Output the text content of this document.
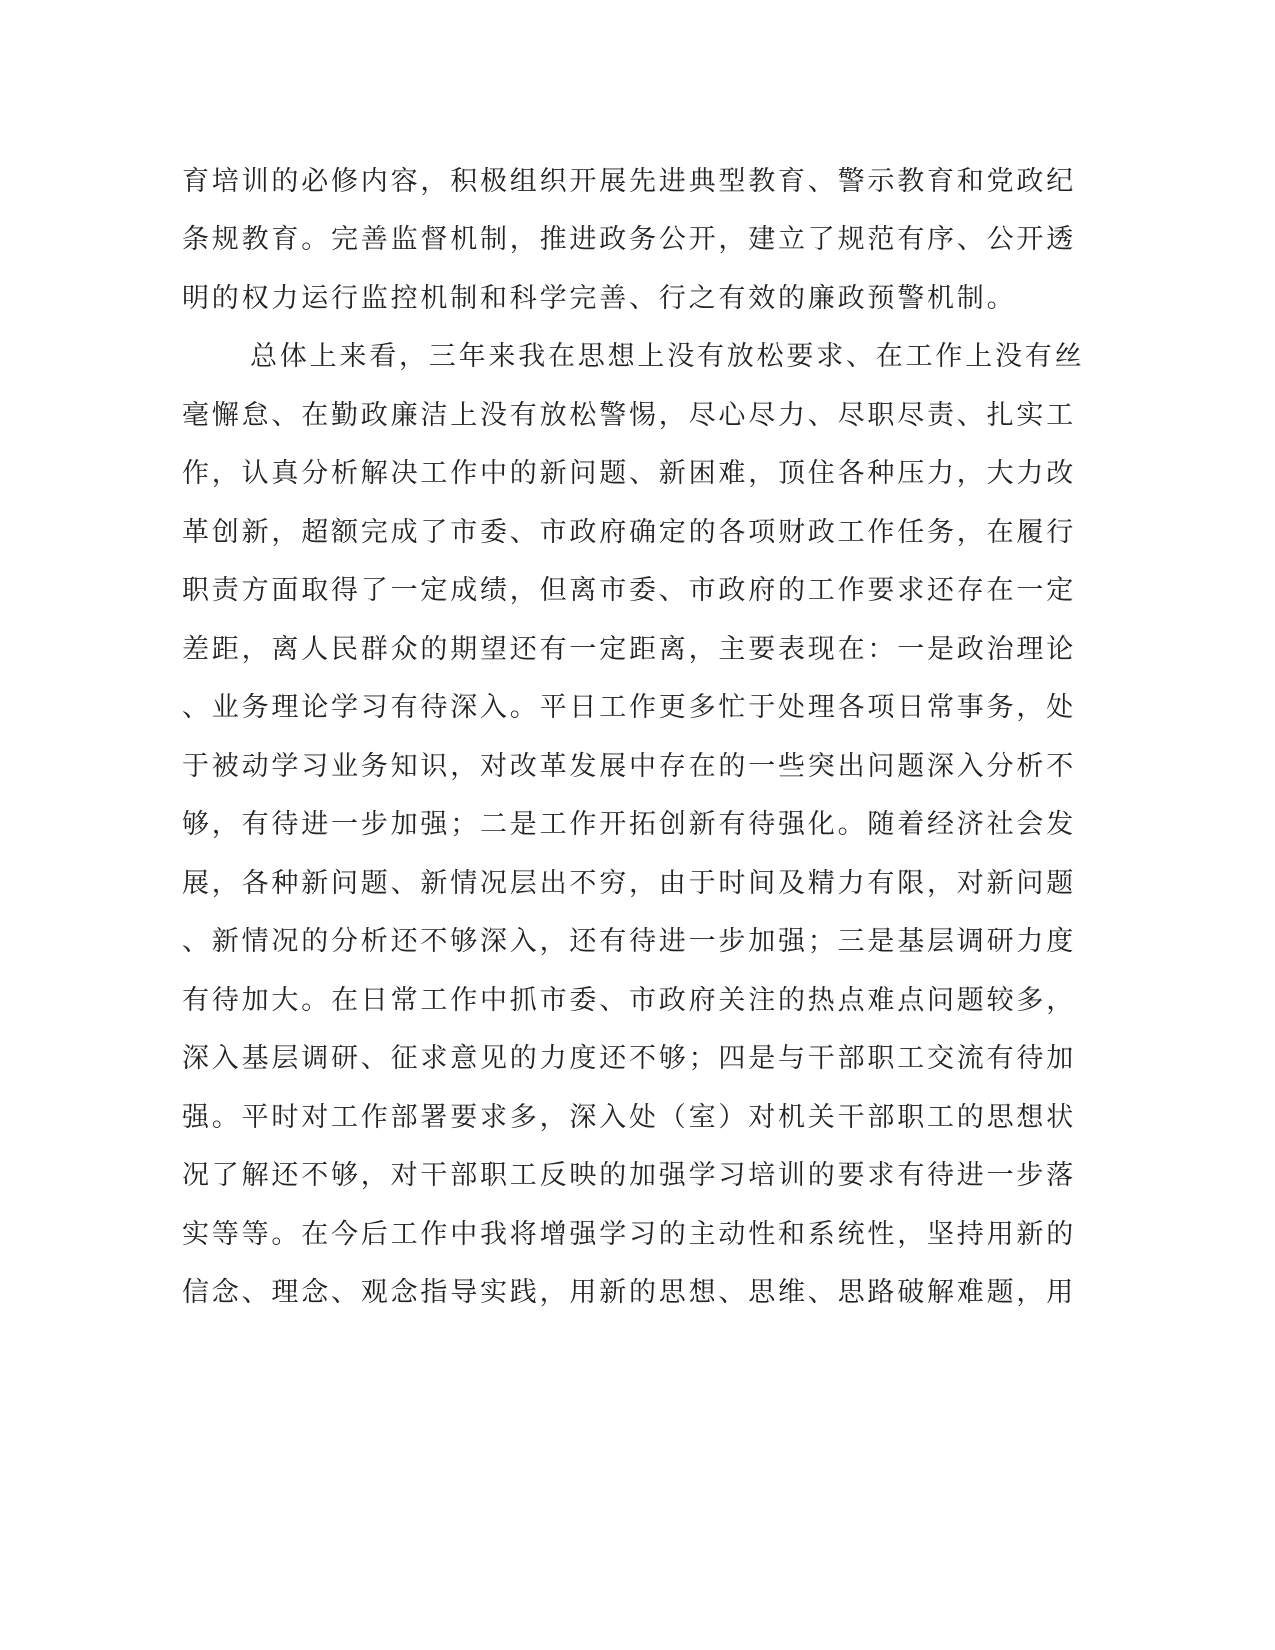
育培训的必修内容，积极组织开展先进典型教育、警示教育和党政纪
条规教育。完善监督机制，推进政务公开，建立了规范有序、公开透
明的权力运行监控机制和科学完善、行之有效的廉政预警机制。
总体上来看，三年来我在思想上没有放松要求、在工作上没有丝
毫懈怠、在勤政廉洁上没有放松警惕，尽心尽力、尽职尽责、扎实工
作，认真分析解决工作中的新问题、新困难，顶住各种压力，大力改
革创新，超额完成了市委、市政府确定的各项财政工作任务，在履行
职责方面取得了一定成绩，但离市委、市政府的工作要求还存在一定
差距，离人民群众的期望还有一定距离，主要表现在：一是政治理论
、业务理论学习有待深入。平日工作更多忙于处理各项日常事务，处
于被动学习业务知识，对改革发展中存在的一些突出问题深入分析不
够，有待进一步加强；二是工作开拓创新有待强化。随着经济社会发
展，各种新问题、新情况层出不穷，由于时间及精力有限，对新问题
、新情况的分析还不够深入，还有待进一步加强；三是基层调研力度
有待加大。在日常工作中抓市委、市政府关注的热点难点问题较多，
深入基层调研、征求意见的力度还不够；四是与干部职工交流有待加
强。平时对工作部署要求多，深入处（室）对机关干部职工的思想状
况了解还不够，对干部职工反映的加强学习培训的要求有待进一步落
实等等。在今后工作中我将增强学习的主动性和系统性，坚持用新的
信念、理念、观念指导实践，用新的思想、思维、思路破解难题，用
